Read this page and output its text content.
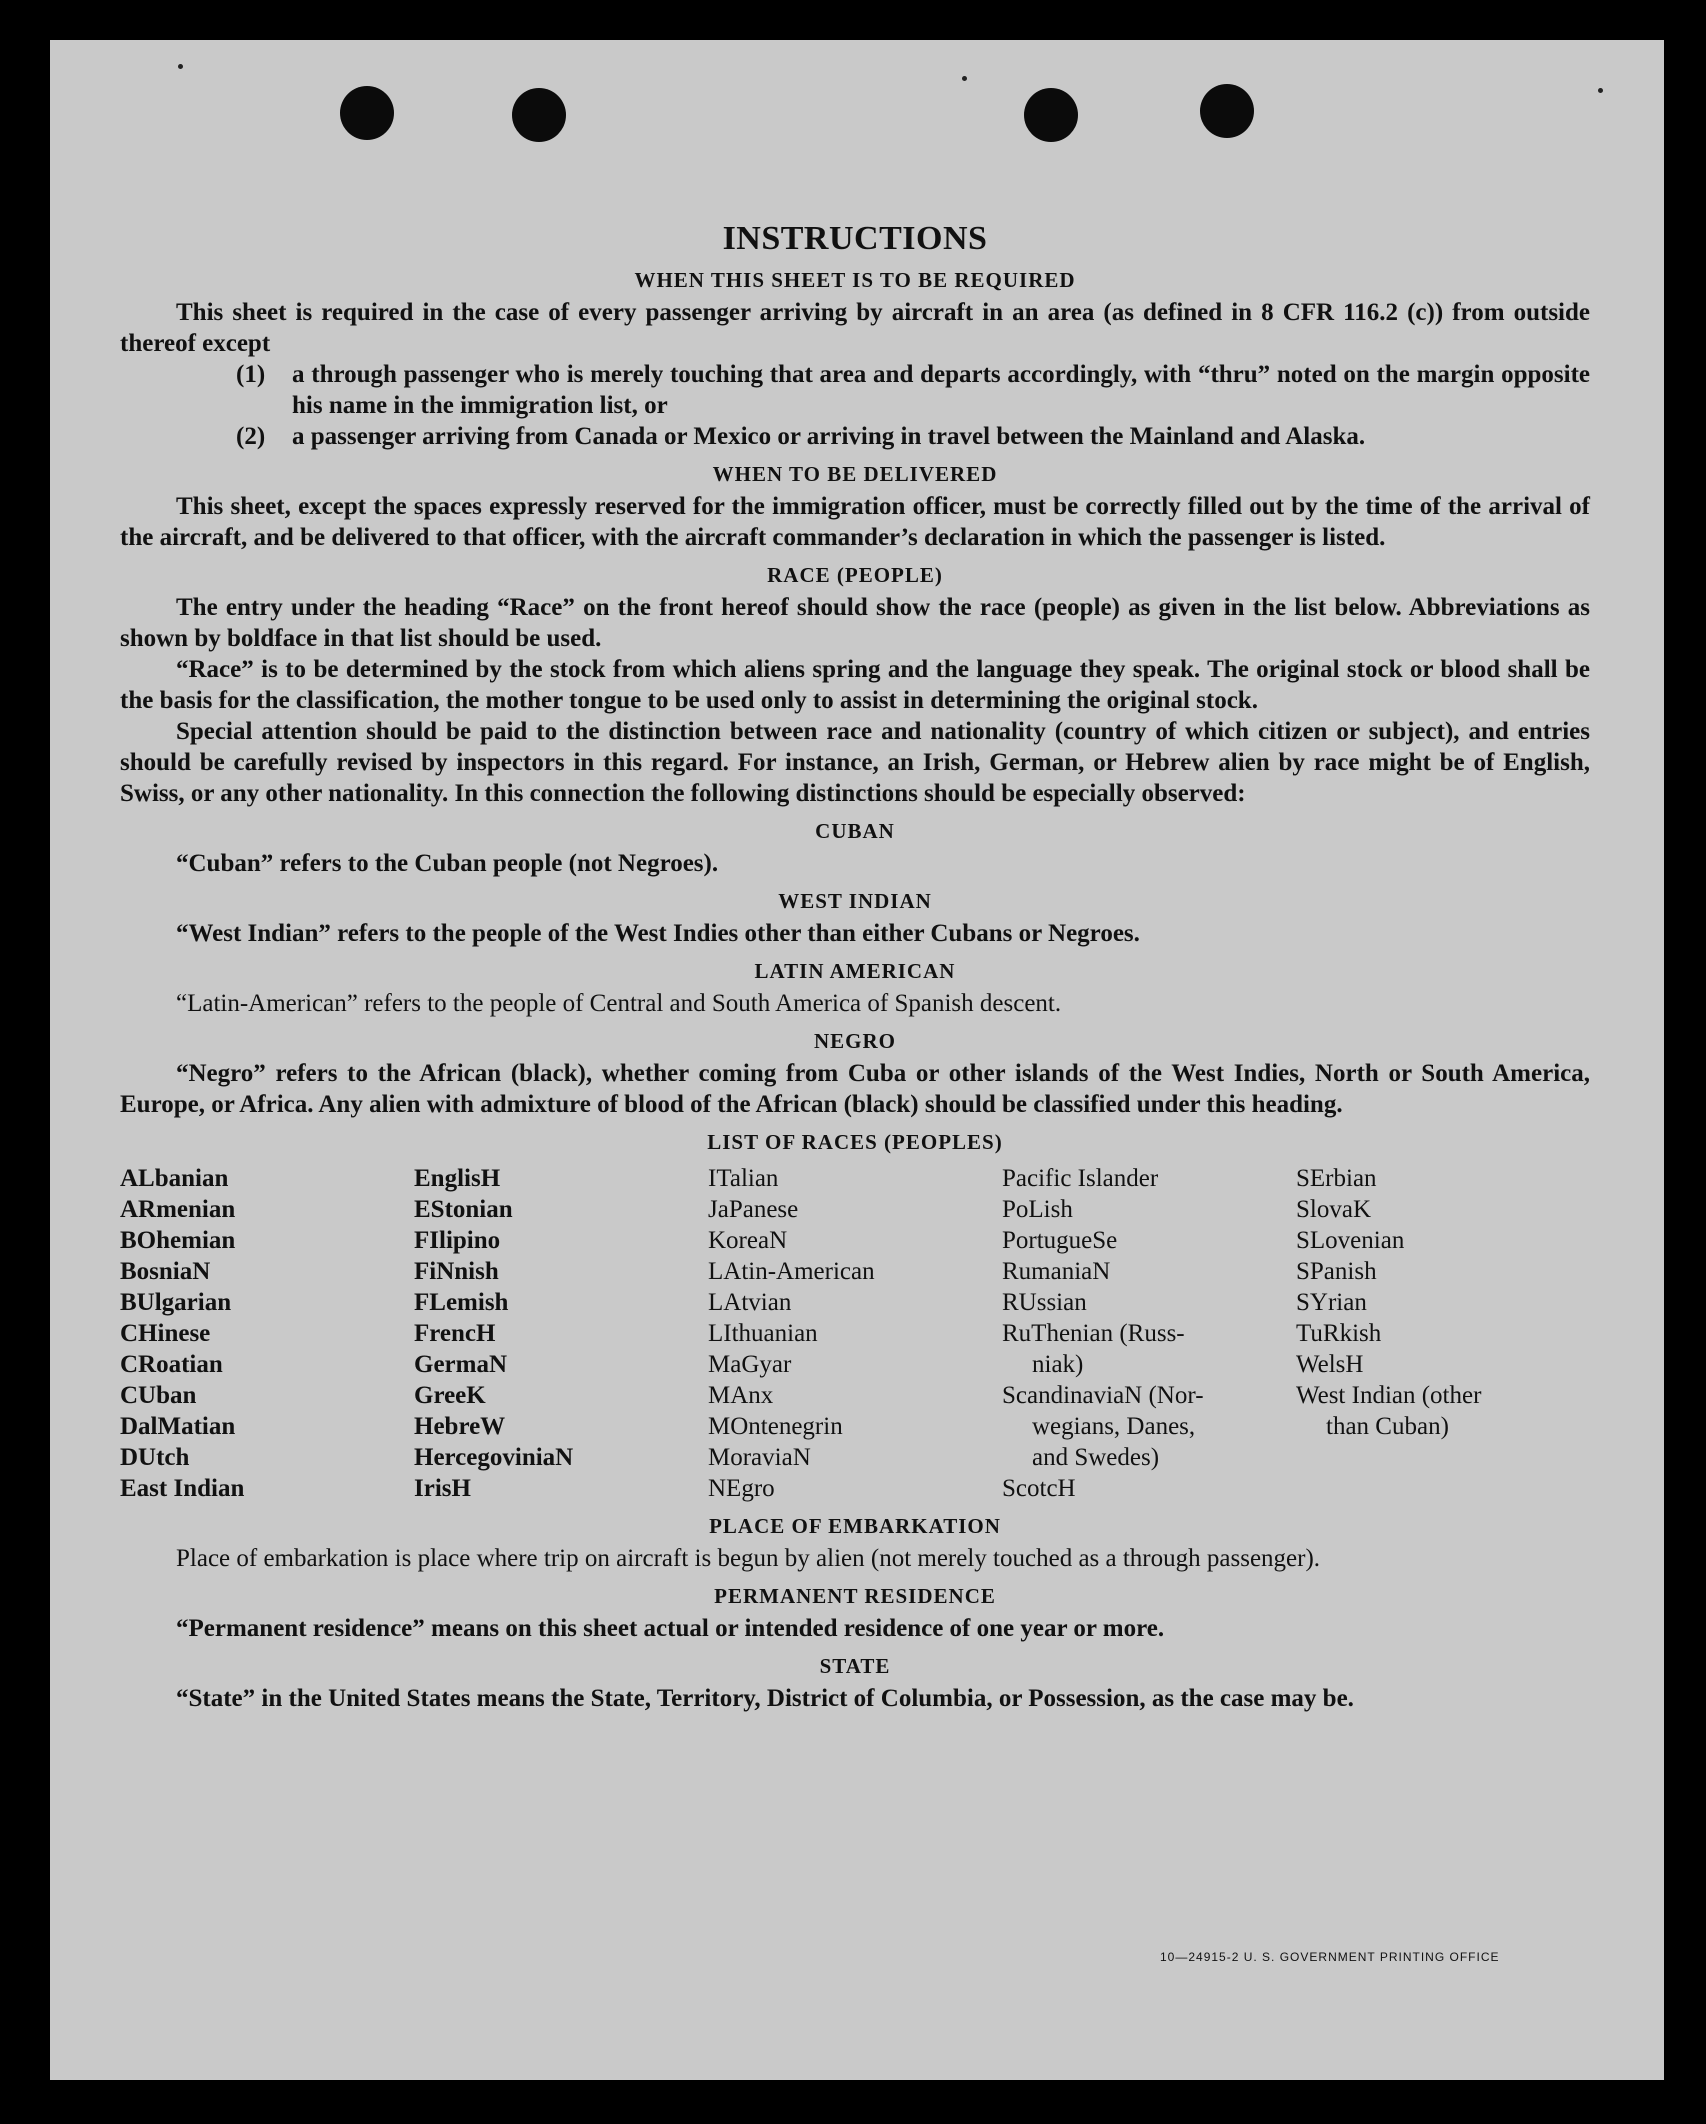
INSTRUCTIONS
WHEN THIS SHEET IS TO BE REQUIRED

This sheet is required in the case of every passenger arriving by aircraft in an area (as defined in 8 CFR 116.2 (c)) from outside thereof except

(1)	a through passenger who is merely touching that area and departs accordingly, with “thru” noted on the margin opposite his name in the immigration list, or
(2)	a passenger arriving from Canada or Mexico or arriving in travel between the Mainland and Alaska.
WHEN TO BE DELIVERED

This sheet, except the spaces expressly reserved for the immigration officer, must be correctly filled out by the time of the arrival of the aircraft, and be delivered to that officer, with the aircraft commander’s declaration in which the passenger is listed.

RACE (PEOPLE)

The entry under the heading “Race” on the front hereof should show the race (people) as given in the list below. Abbreviations as shown by boldface in that list should be used.

“Race” is to be determined by the stock from which aliens spring and the language they speak. The original stock or blood shall be the basis for the classification, the mother tongue to be used only to assist in determining the original stock.

Special attention should be paid to the distinction between race and nationality (country of which citizen or subject), and entries should be carefully revised by inspectors in this regard. For instance, an Irish, German, or Hebrew alien by race might be of English, Swiss, or any other nationality. In this connection the following distinctions should be especially observed:

CUBAN

“Cuban” refers to the Cuban people (not Negroes).

WEST INDIAN

“West Indian” refers to the people of the West Indies other than either Cubans or Negroes.

LATIN AMERICAN

“Latin-American” refers to the people of Central and South America of Spanish descent.

NEGRO

“Negro” refers to the African (black), whether coming from Cuba or other islands of the West Indies, North or South America, Europe, or Africa. Any alien with admixture of blood of the African (black) should be classified under this heading.

LIST OF RACES (PEOPLES)
ALbanian
ARmenian
BOhemian
BosniaN
BUlgarian
CHinese
CRoatian
CUban
DalMatian
DUtch
East Indian
EnglisH
EStonian
FIlipino
FiNnish
FLemish
FrencH
GermaN
GreeK
HebreW
HercegoviniaN
IrisH
ITalian
JaPanese
KoreaN
LAtin-American
LAtvian
LIthuanian
MaGyar
MAnx
MOntenegrin
MoraviaN
NEgro
Pacific Islander
PoLish
PortugueSe
RumaniaN
RUssian
RuThenian (Russ-
niak)
ScandinaviaN (Nor-
wegians, Danes,
and Swedes)
ScotcH
SErbian
SlovaK
SLovenian
SPanish
SYrian
TuRkish
WelsH
West Indian (other
than Cuban)
PLACE OF EMBARKATION

Place of embarkation is place where trip on aircraft is begun by alien (not merely touched as a through passenger).

PERMANENT RESIDENCE

“Permanent residence” means on this sheet actual or intended residence of one year or more.

STATE

“State” in the United States means the State, Territory, District of Columbia, or Possession, as the case may be.

10—24915-2 U. S. GOVERNMENT PRINTING OFFICE
